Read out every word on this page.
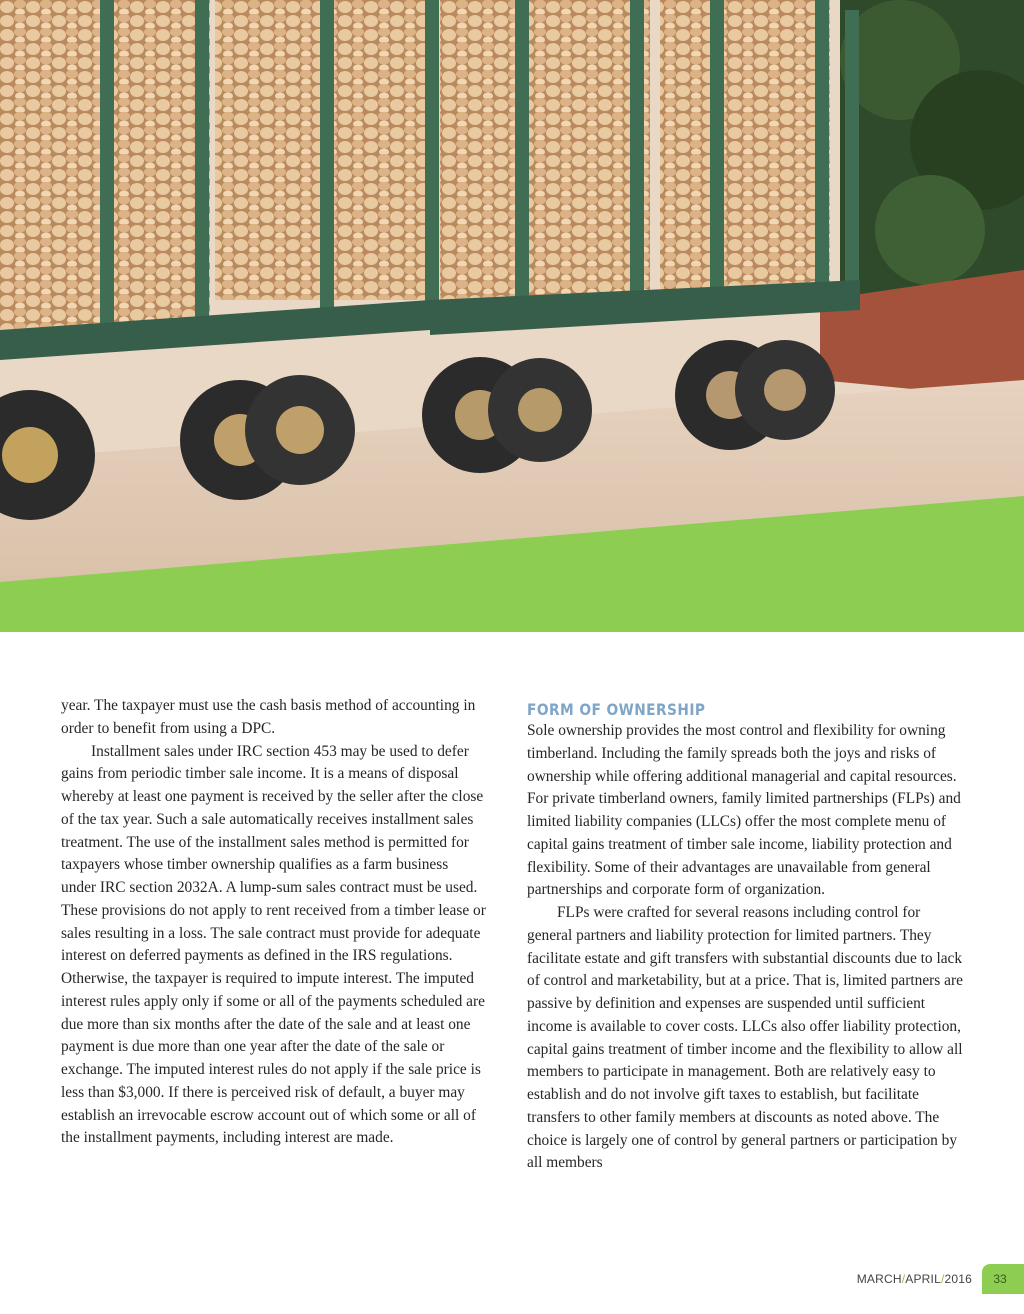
year. The taxpayer must use the cash basis method of accounting in order to benefit from using a DPC.

Installment sales under IRC section 453 may be used to defer gains from periodic timber sale income. It is a means of disposal whereby at least one payment is received by the seller after the close of the tax year. Such a sale automatically receives installment sales treatment. The use of the installment sales method is permitted for taxpayers whose timber ownership qualifies as a farm business under IRC section 2032A. A lump-sum sales contract must be used. These provisions do not apply to rent received from a timber lease or sales resulting in a loss. The sale contract must provide for adequate interest on deferred payments as defined in the IRS regulations. Otherwise, the taxpayer is required to impute interest. The imputed interest rules apply only if some or all of the payments scheduled are due more than six months after the date of the sale and at least one payment is due more than one year after the date of the sale or exchange. The imputed interest rules do not apply if the sale price is less than $3,000. If there is perceived risk of default, a buyer may establish an irrevocable escrow account out of which some or all of the installment payments, including interest are made.

FORM OF OWNERSHIP

Sole ownership provides the most control and flexibility for owning timberland. Including the family spreads both the joys and risks of ownership while offering additional managerial and capital resources. For private timberland owners, family limited partnerships (FLPs) and limited liability companies (LLCs) offer the most complete menu of capital gains treatment of timber sale income, liability protection and flexibility. Some of their advantages are unavailable from general partnerships and corporate form of organization.

FLPs were crafted for several reasons including control for general partners and liability protection for limited partners. They facilitate estate and gift transfers with substantial discounts due to lack of control and marketability, but at a price. That is, limited partners are passive by definition and expenses are suspended until sufficient income is available to cover costs. LLCs also offer liability protection, capital gains treatment of timber income and the flexibility to allow all members to participate in management. Both are relatively easy to establish and do not involve gift taxes to establish, but facilitate transfers to other family members at discounts as noted above. The choice is largely one of control by general partners or participation by all members

MARCH/APRIL/2016	33
